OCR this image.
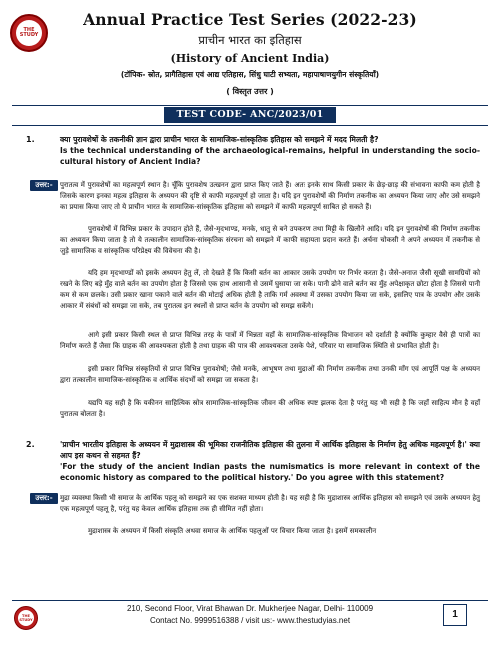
THE STUDY
Annual Practice Test Series (2022-23)
प्राचीन भारत का इतिहास
(History of Ancient India)
(टॉपिक- स्रोत, प्रागैतिहास एवं आद्य एतिहास, सिंधु घाटी सभ्यता, महापाषाणयुगीन संस्कृतियाँ)
( विस्तृत उत्तर )
TEST CODE- ANC/2023/01
1.	क्या पुरावशेषों के तकनीकी ज्ञान द्वारा प्राचीन भारत के सामाजिक-सांस्कृतिक इतिहास को समझने में मदद मिलती है?

Is the technical understanding of the archaeological-remains, helpful in understanding the socio-cultural history of Ancient India?

उत्तर:-	पुरातत्व में पुरावशेषों का महत्वपूर्ण स्थान है। चूँकि पुरावशेष उत्खनन द्वारा प्राप्त किए जाते हैं। अतः इनके साथ किसी प्रकार के छेड़-छाड़ की संभावना काफी कम होती है जिसके कारण इनका महत्व इतिहास के अध्ययन की दृष्टि से काफी महत्वपूर्ण हो जाता है। यदि इन पुरावशेषों की निर्माण तकनीक का अध्ययन किया जाए और उसे समझने का प्रयास किया जाए तो ये प्राचीन भारत के सामाजिक-सांस्कृतिक इतिहास को समझने में काफी महत्वपूर्ण साबित हो सकते हैं।

पुरावशेषों में विभिन्न प्रकार के उपादान होते हैं, जैसे-मृदभाण्ड, मनके, धातु से बने उपकरण तथा मिट्टी के खिलौने आदि। यदि इन पुरावशेषों की निर्माण तकनीक का अध्ययन किया जाता है तो ये तत्कालीन सामाजिक-सांस्कृतिक संरचना को समझने में काफी सहायता प्रदान करते हैं। अर्चना चोकसी ने अपने अध्ययन में तकनीक से जुड़े सामाजिक व सांस्कृतिक परिप्रेक्ष्य की विवेचना की है।

यदि हम मृदभाण्डों को इसके अध्ययन हेतु लें, तो देखते हैं कि किसी बर्तन का आकार उसके उपयोग पर निर्भर करता है। जैसे-अनाज जैसी सूखी सामग्रियों को रखने के लिए बड़े मुँह वाले बर्तन का उपयोग होता है जिससे एक हाथ आसानी से उसमें घुसाया जा सके। पानी ढोने वाले बर्तन का मुँह अपेक्षाकृत छोटा होता है जिससे पानी कम से कम छलके। उसी प्रकार खाना पकाने वाले बर्तन की मोटाई अधिक होती है ताकि गर्म अवस्था में उसका उपयोग किया जा सके, इसलिए पात्र के उपयोग और उसके आकार में संबंधों को समझा जा सके, तब पुरातत्व इन स्थलों से प्राप्त बर्तन के उपयोग को समझ सकेंगे।

आगे इसी प्रकार किसी स्थल से प्राप्त विभिन्न तरह के पात्रों में भिन्नता वहाँ के सामाजिक-सांस्कृतिक विभाजन को दर्शाती है क्योंकि कुम्हार वैसे ही पात्रों का निर्माण करते हैं जैसा कि ग्राहक की आवश्यकता होती है तथा ग्राहक की पात्र की आवश्यकता उसके पेशे, परिवार या सामाजिक स्थिति से प्रभावित होती है।

इसी प्रकार विभिन्न संस्कृतियों से प्राप्त विभिन्न पुरावशेषों; जैसे मनकें, आभूषण तथा मुद्राओं की निर्माण तकनीक तथा उनकी माँग एवं आपूर्ति पक्ष के अध्ययन द्वारा तत्कालीन सामाजिक-सांस्कृतिक व आर्थिक संदर्भों को समझा जा सकता है।

यद्यपि यह सही है कि यकीनन साहित्यिक स्रोत्र सामाजिक-सांस्कृतिक जीवन की अधिक स्पष्ट झलक देता है परंतु यह भी सही है कि जहाँ साहित्य मौन है वहाँ पुरातत्व बोलता है।

2.	'प्राचीन भारतीय इतिहास के अध्ययन में मुद्राशास्त्र की भूमिका राजनीतिक इतिहास की तुलना में आर्थिक इतिहास के निर्माण हेतु अधिक महत्वपूर्ण है।' क्या आप इस कथन से सहमत हैं?

'For the study of the ancient Indian pasts the numismatics is more relevant in context of the economic history as compared to the political history.' Do you agree with this statement?

उत्तर:-	मुद्रा व्यवस्था किसी भी समाज के आर्थिक पहलू को समझने का एक सशक्त माध्यम होती है। यह सही है कि मुद्राशास्त्र आर्थिक इतिहास को समझने एवं उसके अध्ययन हेतु एक महत्वपूर्ण पहलू है, परंतु यह केवल आर्थिक इतिहास तक ही सीमित नहीं होता।

मुद्राशास्त्र के अध्ययन में किसी संस्कृति अथवा समाज के आर्थिक पहलुओं पर विचार किया जाता है। इसमें समकालीन

THE STUDY
210, Second Floor, Virat Bhawan Dr. Mukherjee Nagar, Delhi- 110009
Contact No. 9999516388 / visit us:- www.thestudyias.net
1
